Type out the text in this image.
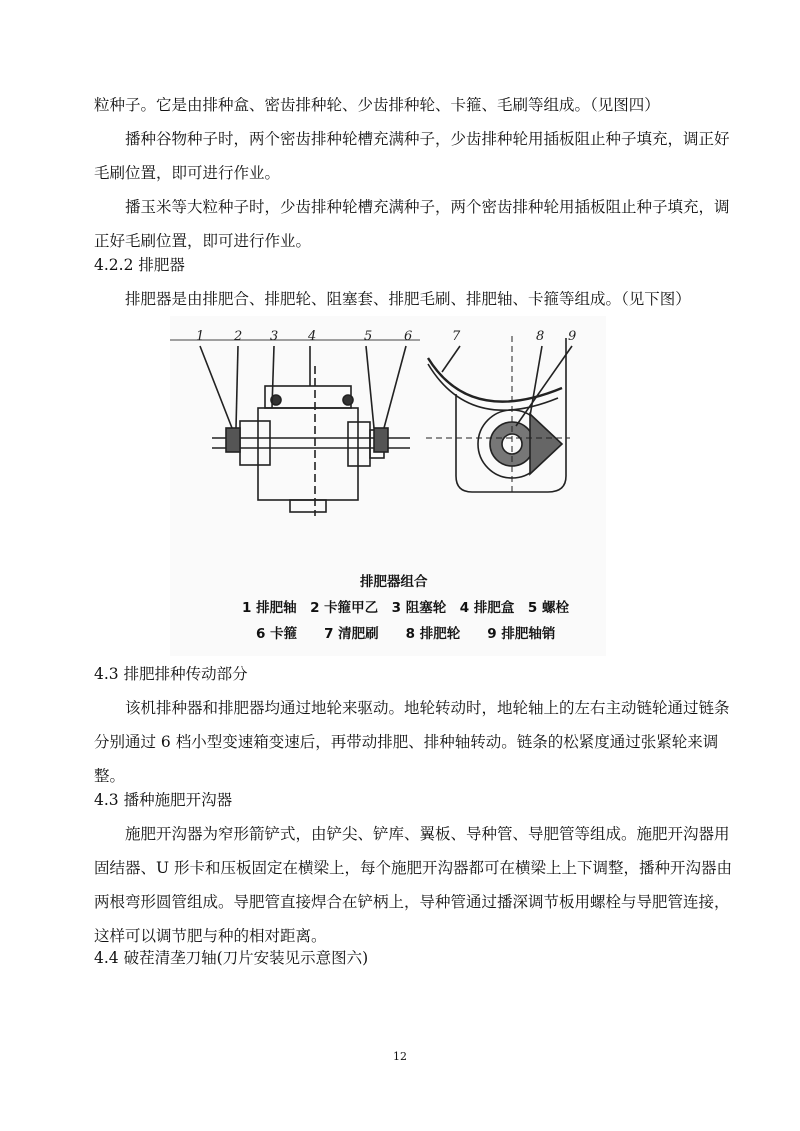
粒种子。它是由排种盒、密齿排种轮、少齿排种轮、卡箍、毛刷等组成。（见图四）

播种谷物种子时，两个密齿排种轮槽充满种子，少齿排种轮用插板阻止种子填充，调正好毛刷位置，即可进行作业。

播玉米等大粒种子时，少齿排种轮槽充满种子，两个密齿排种轮用插板阻止种子填充，调正好毛刷位置，即可进行作业。

4.2.2 排肥器

排肥器是由排肥合、排肥轮、阻塞套、排肥毛刷、排肥轴、卡箍等组成。（见下图）

1 2 3 4	5 6	7	8 9
排肥器组合
1 排肥轴　2 卡箍甲乙　3 阻塞轮　4 排肥盒　5 螺栓
6 卡箍　　7 清肥刷　　8 排肥轮　　9 排肥轴销

4.3 排肥排种传动部分

该机排种器和排肥器均通过地轮来驱动。地轮转动时，地轮轴上的左右主动链轮通过链条分别通过 6 档小型变速箱变速后，再带动排肥、排种轴转动。链条的松紧度通过张紧轮来调整。

4.3 播种施肥开沟器

施肥开沟器为窄形箭铲式，由铲尖、铲库、翼板、导种管、导肥管等组成。施肥开沟器用固结器、U 形卡和压板固定在横梁上，每个施肥开沟器都可在横梁上上下调整，播种开沟器由两根弯形圆管组成。导肥管直接焊合在铲柄上，导种管通过播深调节板用螺栓与导肥管连接，这样可以调节肥与种的相对距离。

4.4 破茬清垄刀轴(刀片安装见示意图六)

12
